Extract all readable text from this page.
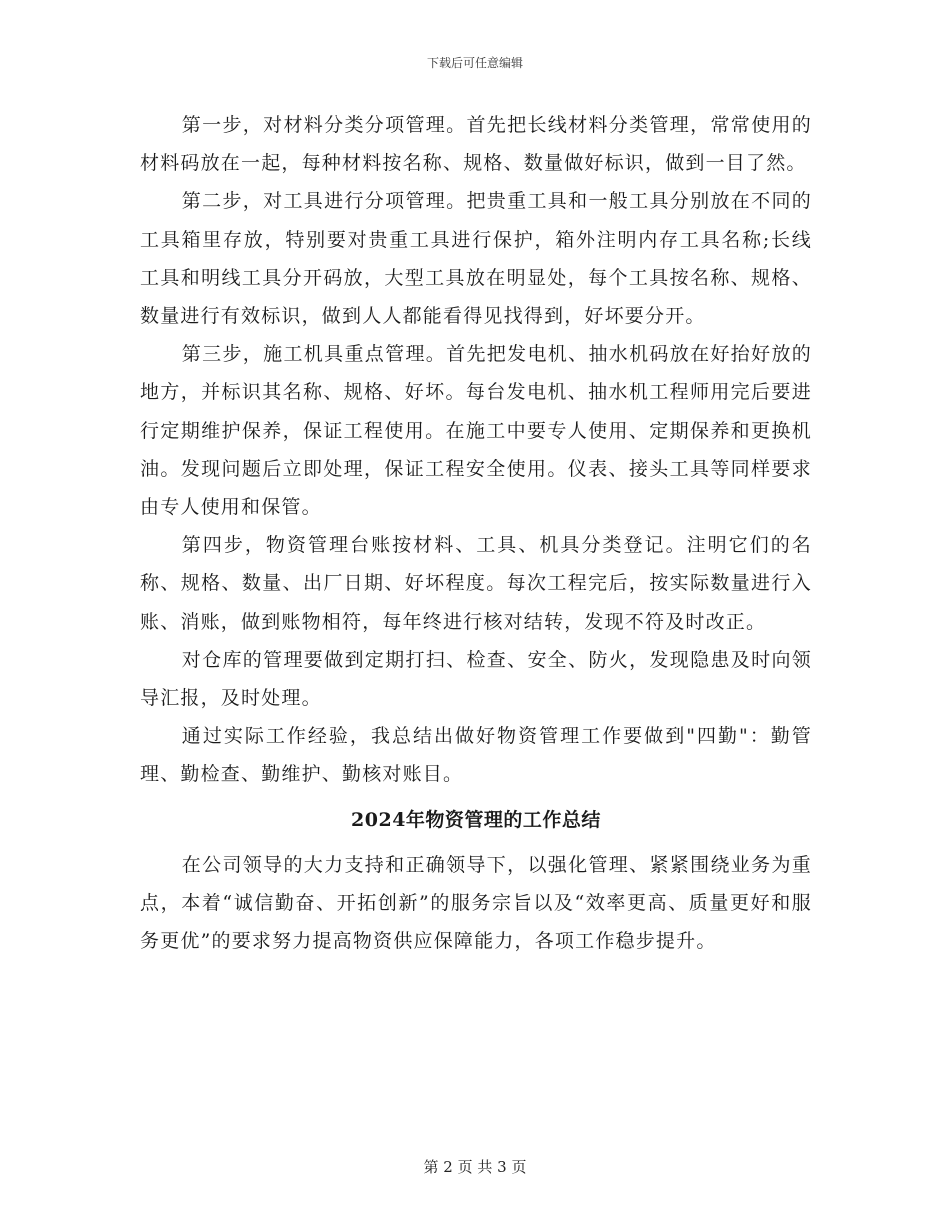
下载后可任意编辑

第一步，对材料分类分项管理。首先把长线材料分类管理，常常使用的材料码放在一起，每种材料按名称、规格、数量做好标识，做到一目了然。

第二步，对工具进行分项管理。把贵重工具和一般工具分别放在不同的工具箱里存放，特别要对贵重工具进行保护，箱外注明内存工具名称;长线工具和明线工具分开码放，大型工具放在明显处，每个工具按名称、规格、数量进行有效标识，做到人人都能看得见找得到，好坏要分开。

第三步，施工机具重点管理。首先把发电机、抽水机码放在好抬好放的地方，并标识其名称、规格、好坏。每台发电机、抽水机工程师用完后要进行定期维护保养，保证工程使用。在施工中要专人使用、定期保养和更换机油。发现问题后立即处理，保证工程安全使用。仪表、接头工具等同样要求由专人使用和保管。

第四步，物资管理台账按材料、工具、机具分类登记。注明它们的名称、规格、数量、出厂日期、好坏程度。每次工程完后，按实际数量进行入账、消账，做到账物相符，每年终进行核对结转，发现不符及时改正。

对仓库的管理要做到定期打扫、检查、安全、防火，发现隐患及时向领导汇报，及时处理。

通过实际工作经验，我总结出做好物资管理工作要做到"四勤"：勤管理、勤检查、勤维护、勤核对账目。

2024年物资管理的工作总结

在公司领导的大力支持和正确领导下，以强化管理、紧紧围绕业务为重点，本着“诚信勤奋、开拓创新”的服务宗旨以及“效率更高、质量更好和服务更优”的要求努力提高物资供应保障能力，各项工作稳步提升。

第 2 页 共 3 页
